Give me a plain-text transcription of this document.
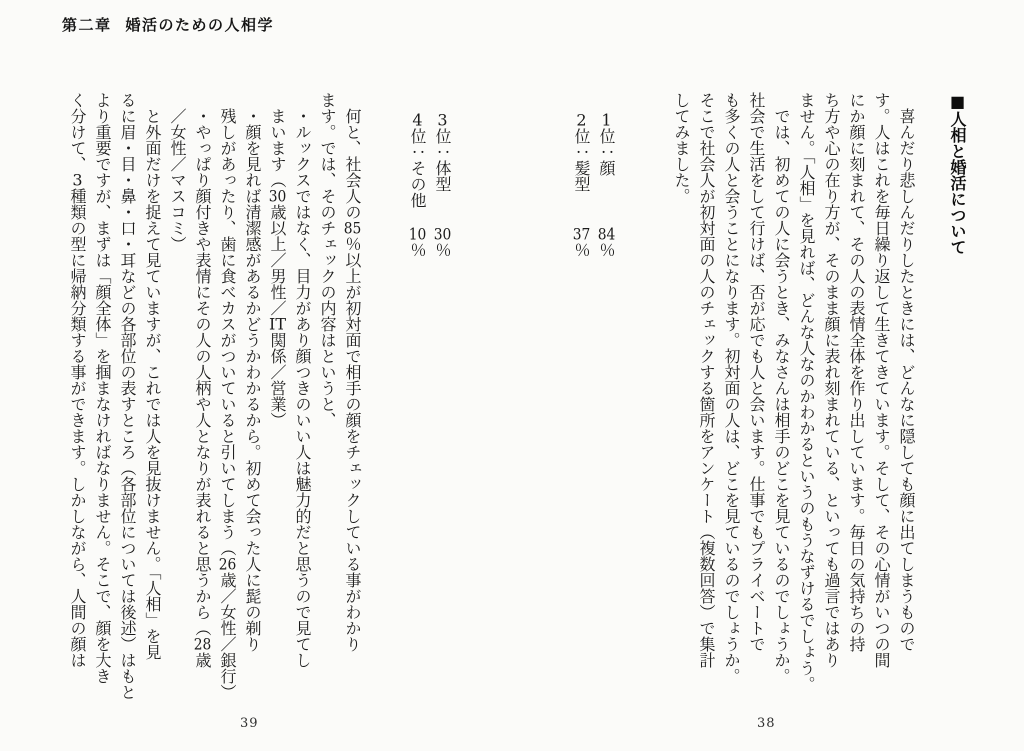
第二章 婚活のための人相学

■人相と婚活について

喜んだり悲しんだりしたときには、どんなに隠しても顔に出てしまうもので

す。人はこれを毎日繰り返して生きてきています。そして、その心情がいつの間

にか顔に刻まれて、その人の表情全体を作り出しています。毎日の気持ちの持

ち方や心の在り方が、そのまま顔に表れ刻まれている、といっても過言ではあり

ません。「人相」を見れば、どんな人なのかわかるというのもうなずけるでしょう。

では、初めての人に会うとき、みなさんは相手のどこを見ているのでしょうか。

社会で生活をして行けば、否が応でも人と会います。仕事でもプライベートで

も多くの人と会うことになります。初対面の人は、どこを見ているのでしょうか。

そこで社会人が初対面の人のチェックする箇所をアンケート（複数回答）で集計

してみました。

1位：顔
84％

2位：髪型
37％

3位：体型
30％

4位：その他
10％

何と、社会人の85％以上が初対面で相手の顔をチェックしている事がわかり

ます。では、そのチェックの内容はというと、

・ルックスではなく、目力があり顔つきのいい人は魅力的だと思うので見てし

まいます（30歳以上／男性／IT関係／営業）

・顔を見れば清潔感があるかどうかわかるから。初めて会った人に髭の剃り

残しがあったり、歯に食べカスがついていると引いてしまう（26歳／女性／銀行）

・やっぱり顔付きや表情にその人の人柄や人となりが表れると思うから（28歳

／女性／マスコミ）

と外面だけを捉えて見ていますが、これでは人を見抜けません。「人相」を見

るに眉・目・鼻・口・耳などの各部位の表すところ（各部位については後述）はもと

より重要ですが、まずは「顔全体」を掴まなければなりません。そこで、顔を大き

く分けて、3種類の型に帰納分類する事ができます。しかしながら、人間の顔は

39	38
